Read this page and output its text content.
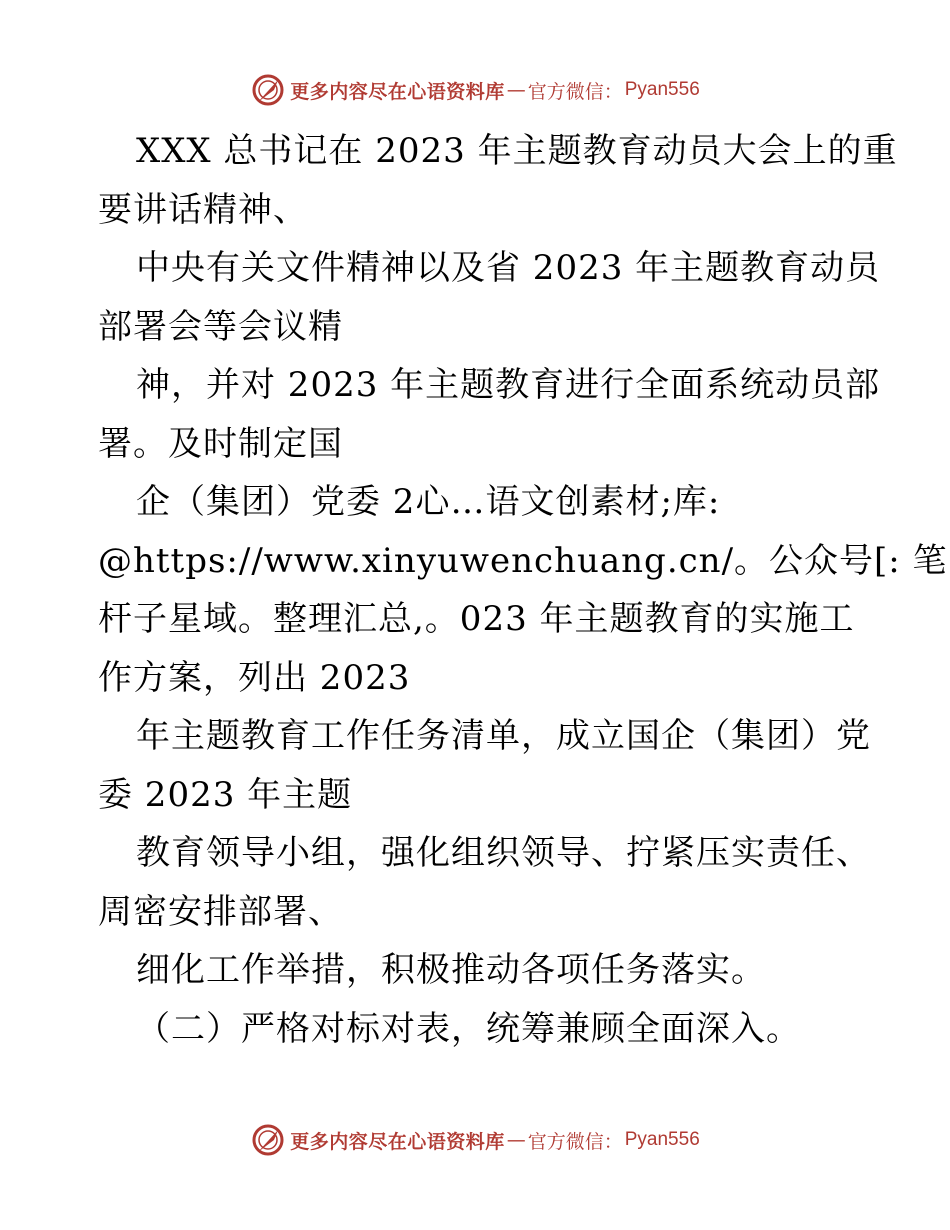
更多内容尽在心语资料库 — 官方微信： Pyan556
XXX 总书记在 2023 年主题教育动员大会上的重
要讲话精神、
中央有关文件精神以及省 2023 年主题教育动员
部署会等会议精
神，并对 2023 年主题教育进行全面系统动员部
署。及时制定国
企（集团）党委 2心…语文创素材;库:
@https://www.xinyuwenchuang.cn/。公众号[: 笔
杆子星域。整理汇总,。023 年主题教育的实施工
作方案，列出 2023
年主题教育工作任务清单，成立国企（集团）党
委 2023 年主题
教育领导小组，强化组织领导、拧紧压实责任、
周密安排部署、
细化工作举措，积极推动各项任务落实。
（二）严格对标对表，统筹兼顾全面深入。
更多内容尽在心语资料库 — 官方微信： Pyan556
